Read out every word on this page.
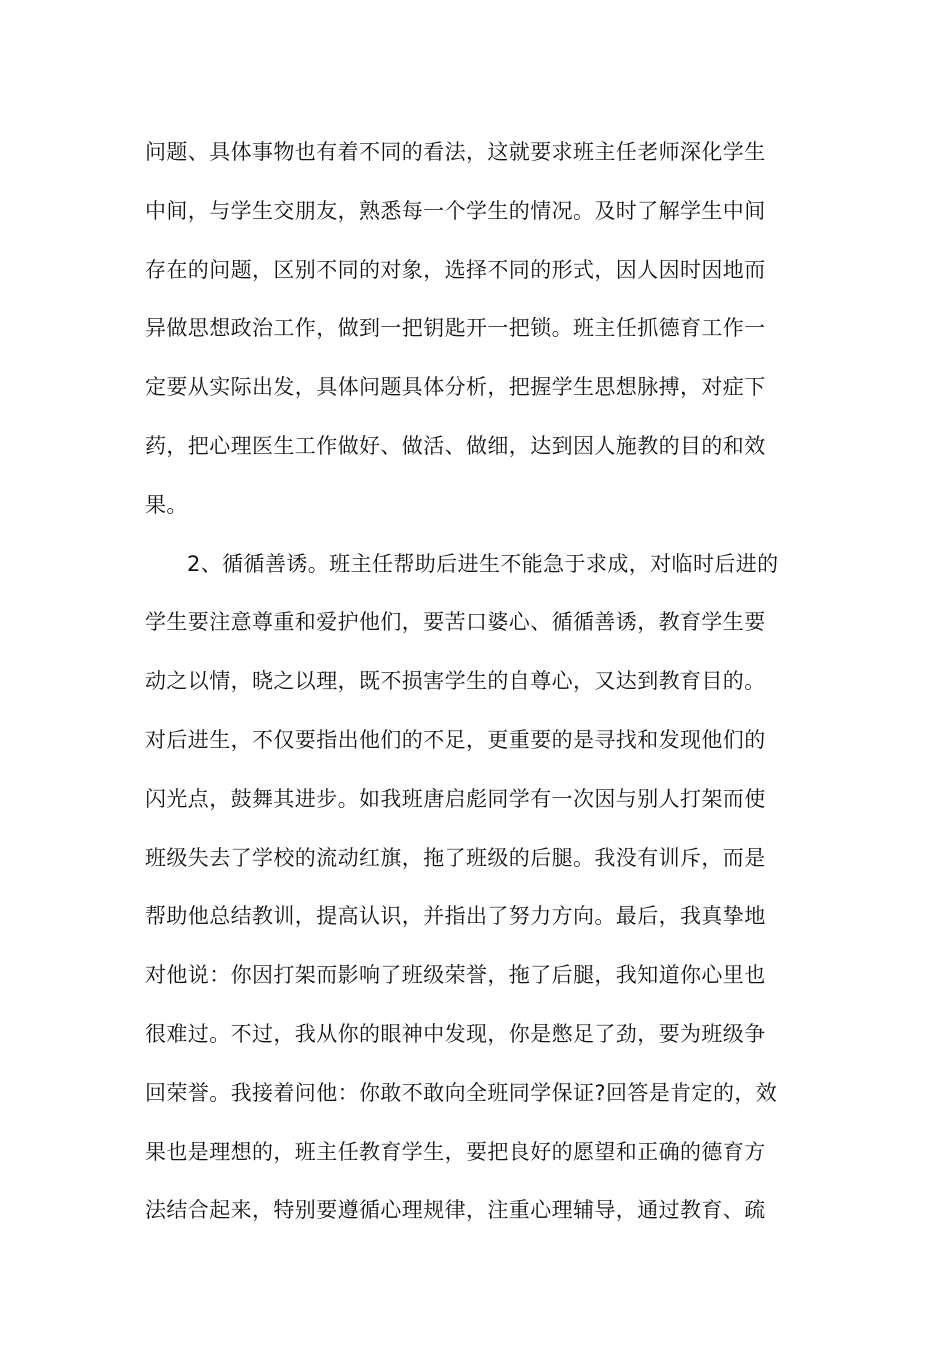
问题、具体事物也有着不同的看法，这就要求班主任老师深化学生
中间，与学生交朋友，熟悉每一个学生的情况。及时了解学生中间
存在的问题，区别不同的对象，选择不同的形式，因人因时因地而
异做思想政治工作，做到一把钥匙开一把锁。班主任抓德育工作一
定要从实际出发，具体问题具体分析，把握学生思想脉搏，对症下
药，把心理医生工作做好、做活、做细，达到因人施教的目的和效
果。
2、循循善诱。班主任帮助后进生不能急于求成，对临时后进的
学生要注意尊重和爱护他们，要苦口婆心、循循善诱，教育学生要
动之以情，晓之以理，既不损害学生的自尊心，又达到教育目的。
对后进生，不仅要指出他们的不足，更重要的是寻找和发现他们的
闪光点，鼓舞其进步。如我班唐启彪同学有一次因与别人打架而使
班级失去了学校的流动红旗，拖了班级的后腿。我没有训斥，而是
帮助他总结教训，提高认识，并指出了努力方向。最后，我真挚地
对他说：你因打架而影响了班级荣誉，拖了后腿，我知道你心里也
很难过。不过，我从你的眼神中发现，你是憋足了劲，要为班级争
回荣誉。我接着问他：你敢不敢向全班同学保证?回答是肯定的，效
果也是理想的，班主任教育学生，要把良好的愿望和正确的德育方
法结合起来，特别要遵循心理规律，注重心理辅导，通过教育、疏
